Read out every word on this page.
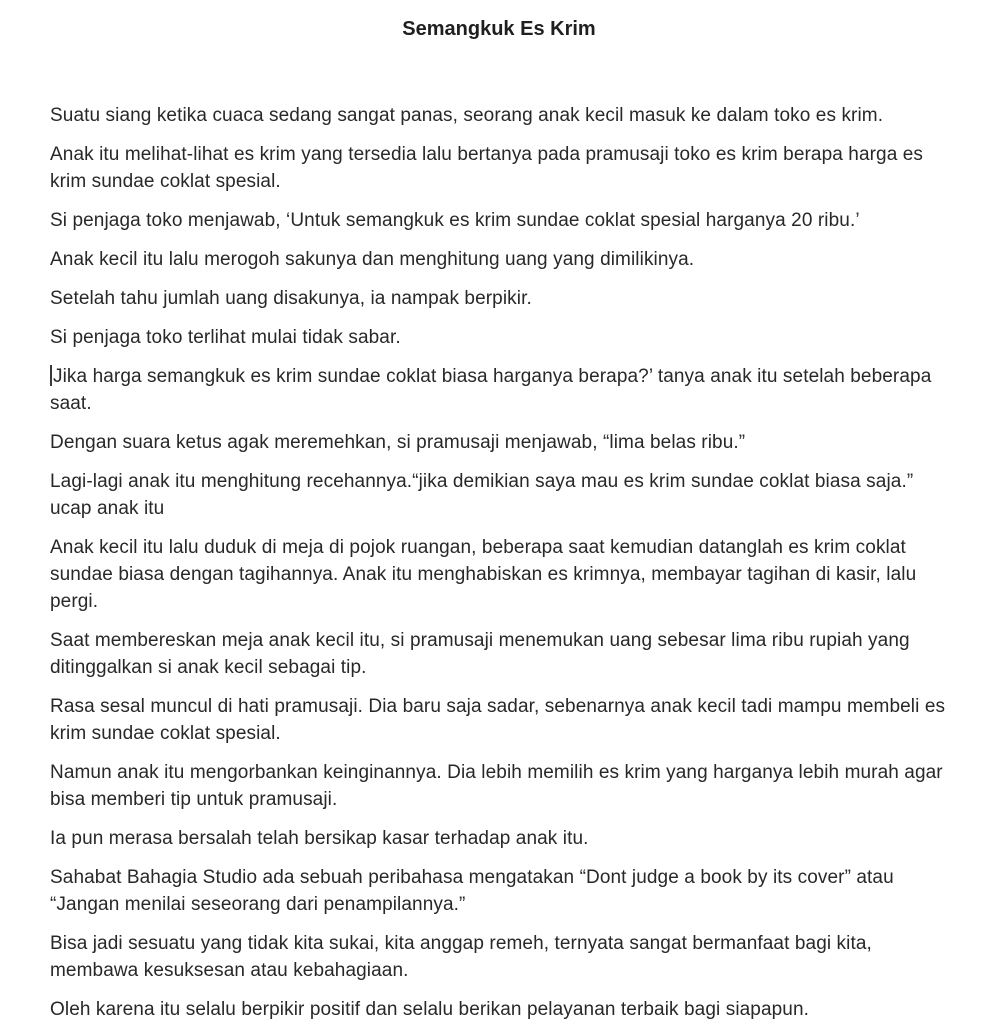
Semangkuk Es Krim

Suatu siang ketika cuaca sedang sangat panas, seorang anak kecil masuk ke dalam toko es krim.

Anak itu melihat-lihat es krim yang tersedia lalu bertanya pada pramusaji toko es krim berapa harga es krim sundae coklat spesial.

Si penjaga toko menjawab, ‘Untuk semangkuk es krim sundae coklat spesial harganya 20 ribu.’

Anak kecil itu lalu merogoh sakunya dan menghitung uang yang dimilikinya.

Setelah tahu jumlah uang disakunya, ia nampak berpikir.

Si penjaga toko terlihat mulai tidak sabar.

Jika harga semangkuk es krim sundae coklat biasa harganya berapa?’ tanya anak itu setelah beberapa saat.

Dengan suara ketus agak meremehkan, si pramusaji menjawab, “lima belas ribu.”

Lagi-lagi anak itu menghitung recehannya.“jika demikian saya mau es krim sundae coklat biasa saja.” ucap anak itu

Anak kecil itu lalu duduk di meja di pojok ruangan, beberapa saat kemudian datanglah es krim coklat sundae biasa dengan tagihannya. Anak itu menghabiskan es krimnya, membayar tagihan di kasir, lalu pergi.

Saat membereskan meja anak kecil itu, si pramusaji menemukan uang sebesar lima ribu rupiah yang ditinggalkan si anak kecil sebagai tip.

Rasa sesal muncul di hati pramusaji. Dia baru saja sadar, sebenarnya anak kecil tadi mampu membeli es krim sundae coklat spesial.

Namun anak itu mengorbankan keinginannya. Dia lebih memilih es krim yang harganya lebih murah agar bisa memberi tip untuk pramusaji.

Ia pun merasa bersalah telah bersikap kasar terhadap anak itu.

Sahabat Bahagia Studio ada sebuah peribahasa mengatakan “Dont judge a book by its cover” atau “Jangan menilai seseorang dari penampilannya.”

Bisa jadi sesuatu yang tidak kita sukai, kita anggap remeh, ternyata sangat bermanfaat bagi kita, membawa kesuksesan atau kebahagiaan.

Oleh karena itu selalu berpikir positif dan selalu berikan pelayanan terbaik bagi siapapun.
